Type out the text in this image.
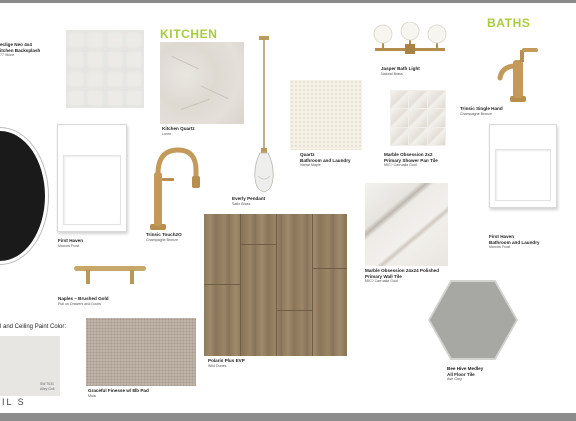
KITCHEN
BATHS
eclige Neo 4x4
itchen Backsplash
77 Stone
Kitchen Quartz
Loren
Everly Pendant
Satin Brass
Quartz
Bathroom and Laundry
Nanwi Maple
Jasper Bath Light
Natural Brass
Trinsic Single Hand
Champagne Bronze
Marble Obsession 2x2
Primary Shower Pan Tile
MIC? Carrualla Gold
First Haven
Morrow Frost
Trinsic Touch2O
Champagne Bronze
First Haven
Bathroom and Laundry
Morrow Frost
Marble Obsession 24x24 Polished
Primary Wall Tile
MIC? Carrualla Gold
Naples – Brushed Gold
Pull on Drawers and Doors
Polaris Plus EVP
Wild Dunes
l and Ceiling Paint Color:
SW 7031
Alley Gull	Graceful Finesse w/ 8lb Pad
Mula
Bee Hive Medley
All Floor Tile
Ash Grey
IL S
